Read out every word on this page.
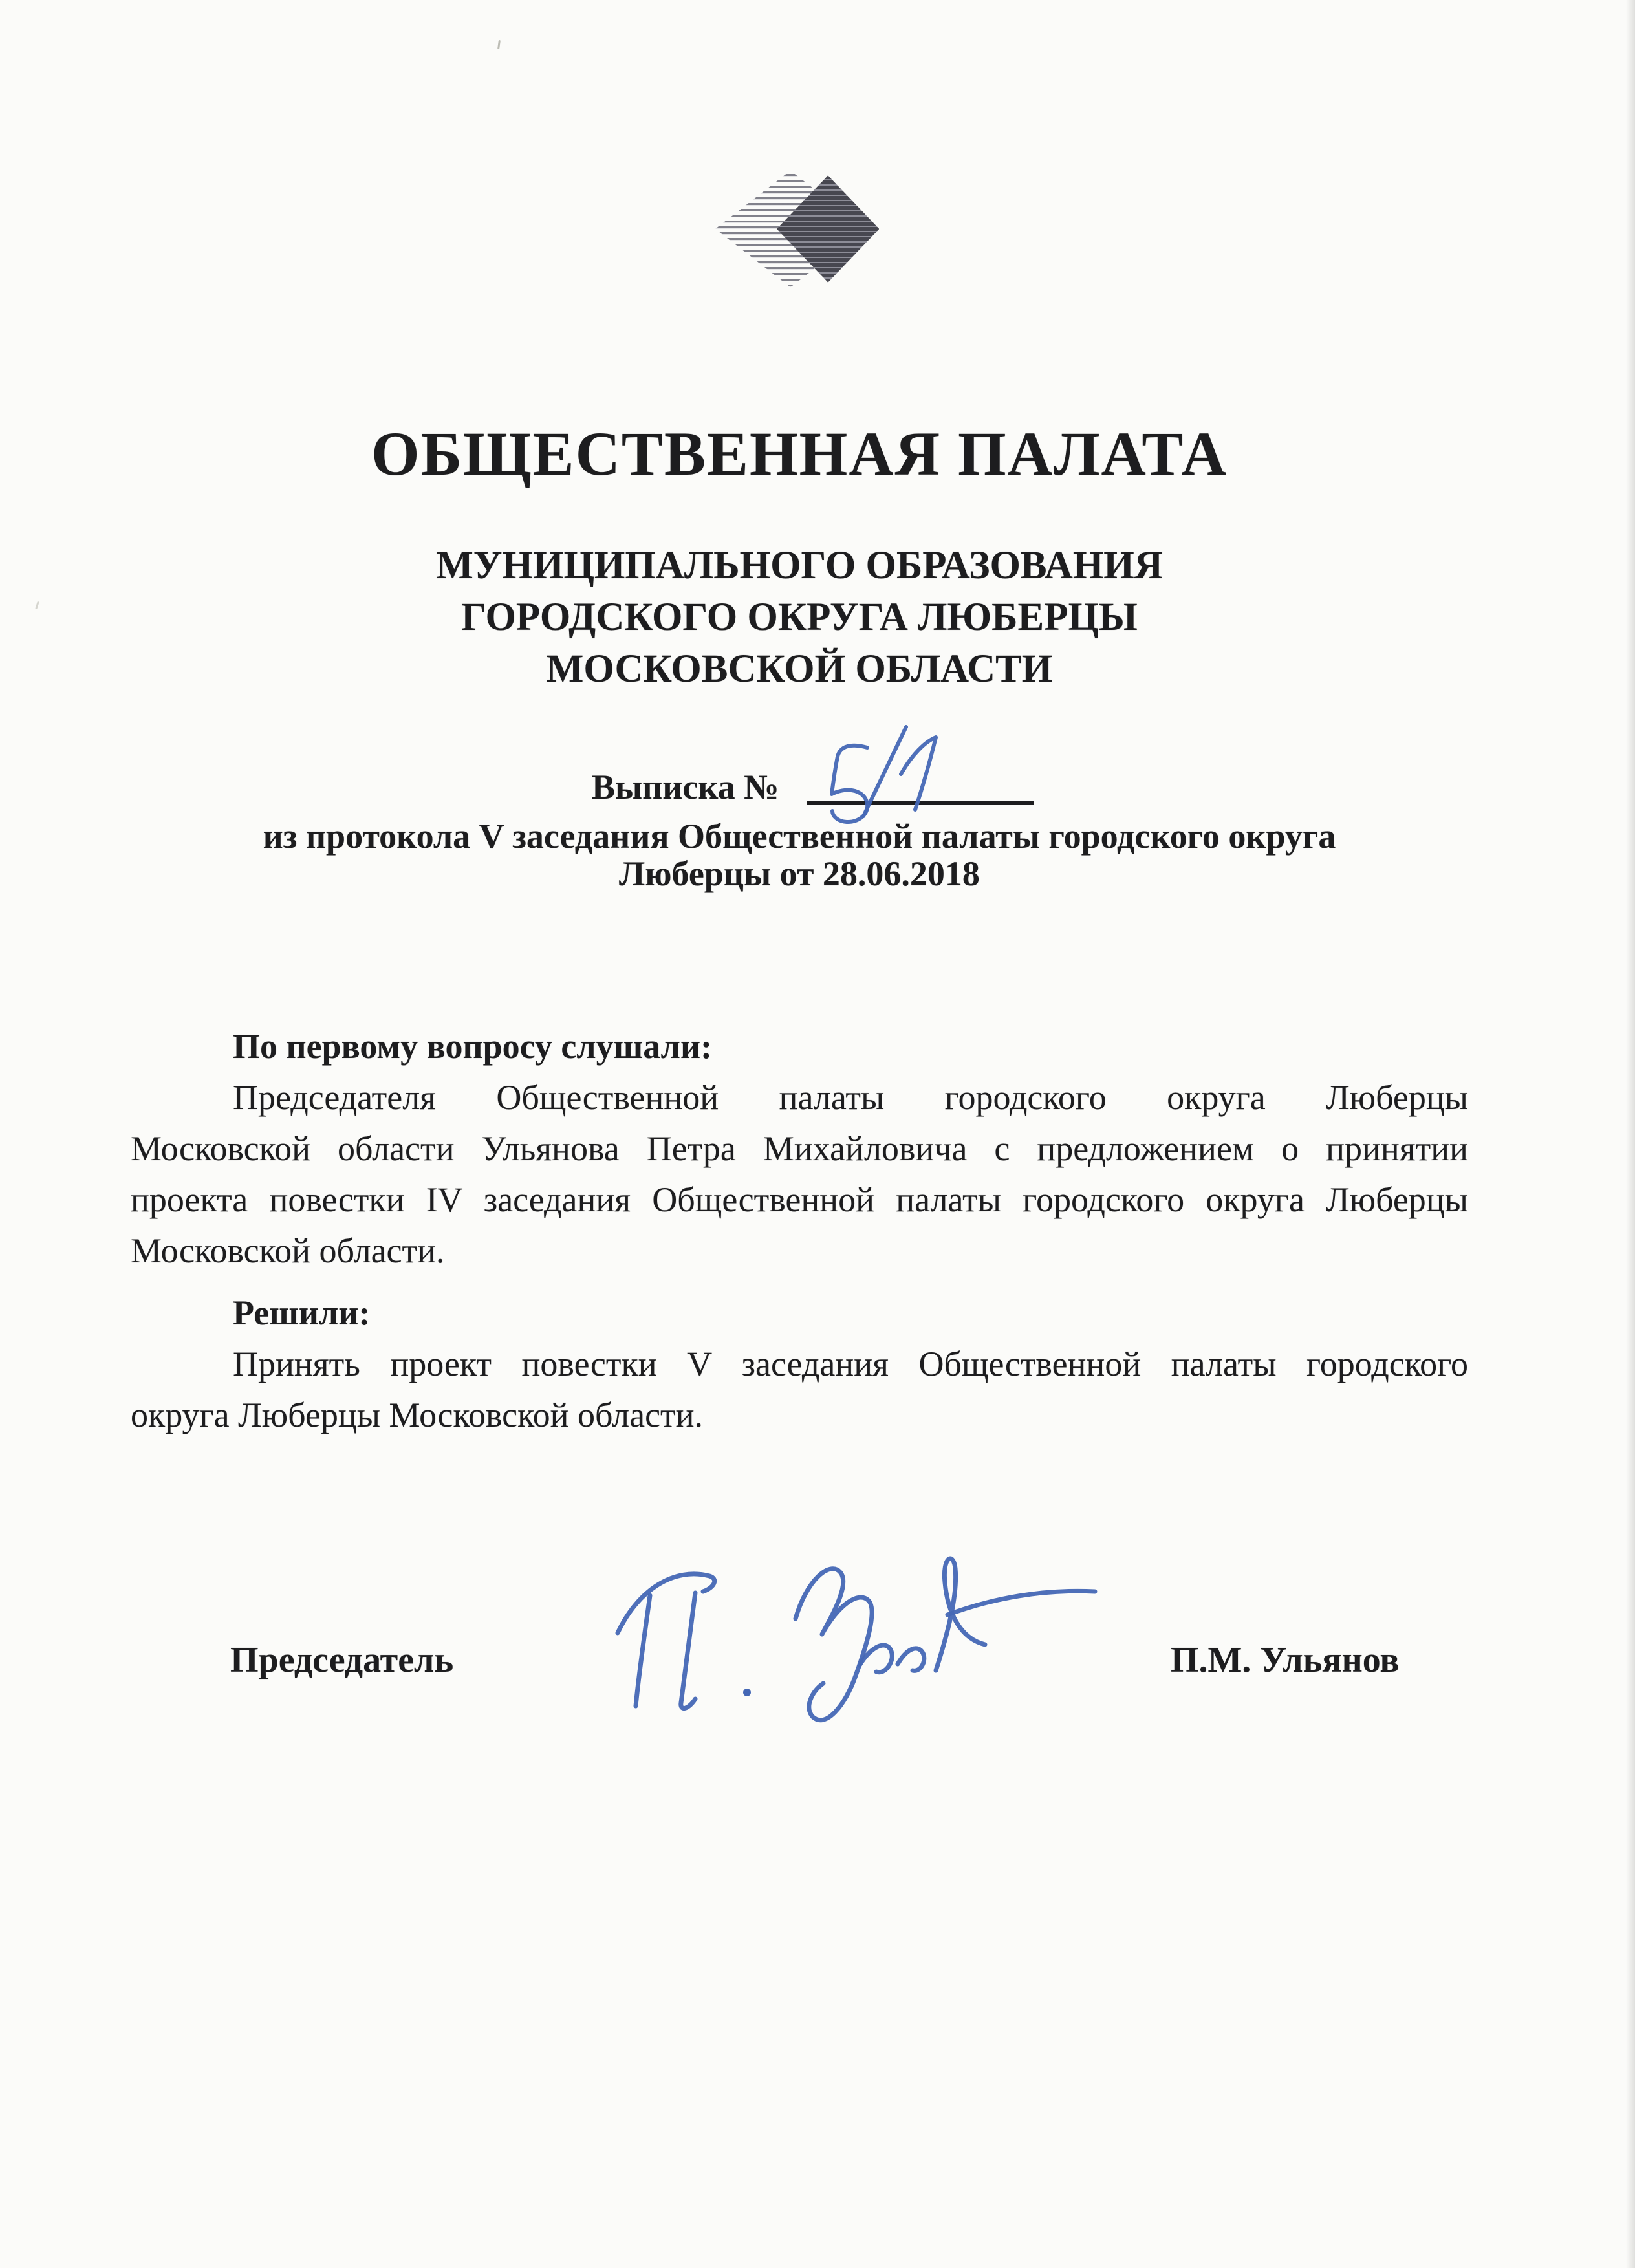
ОБЩЕСТВЕННАЯ ПАЛАТА
МУНИЦИПАЛЬНОГО ОБРАЗОВАНИЯ
ГОРОДСКОГО ОКРУГА ЛЮБЕРЦЫ
МОСКОВСКОЙ ОБЛАСТИ
Выписка №
из протокола V заседания Общественной палаты городского округа
Люберцы от 28.06.2018
По первому вопросу слушали:
Председателя Общественной палаты городского округа Люберцы
Московской области Ульянова Петра Михайловича с предложением о принятии
проекта повестки IV заседания Общественной палаты городского округа Люберцы
Московской области.
Решили:
Принять проект повестки V заседания Общественной палаты городского
округа Люберцы Московской области.
Председатель	П.М. Ульянов
